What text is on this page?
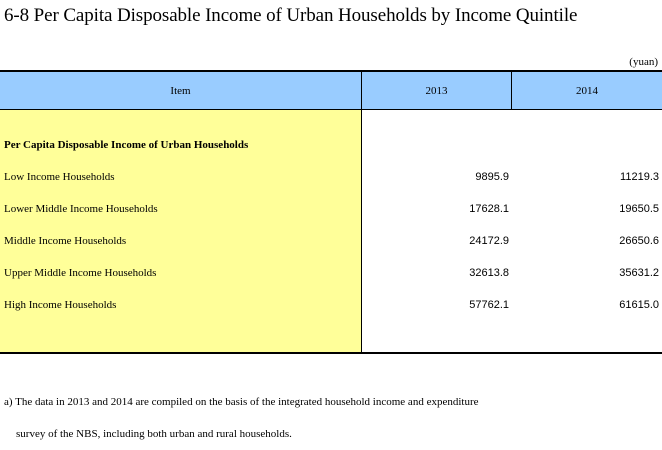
6-8 Per Capita Disposable Income of Urban Households by Income Quintile
(yuan)
Item	2013	2014
Per Capita Disposable Income of Urban Households
Low Income Households	9895.9	11219.3
Lower Middle Income Households	17628.1	19650.5
Middle Income Households	24172.9	26650.6
Upper Middle Income Households	32613.8	35631.2
High Income Households	57762.1	61615.0
a) The data in 2013 and 2014 are compiled on the basis of the integrated household income and expenditure
survey of the NBS, including both urban and rural households.
